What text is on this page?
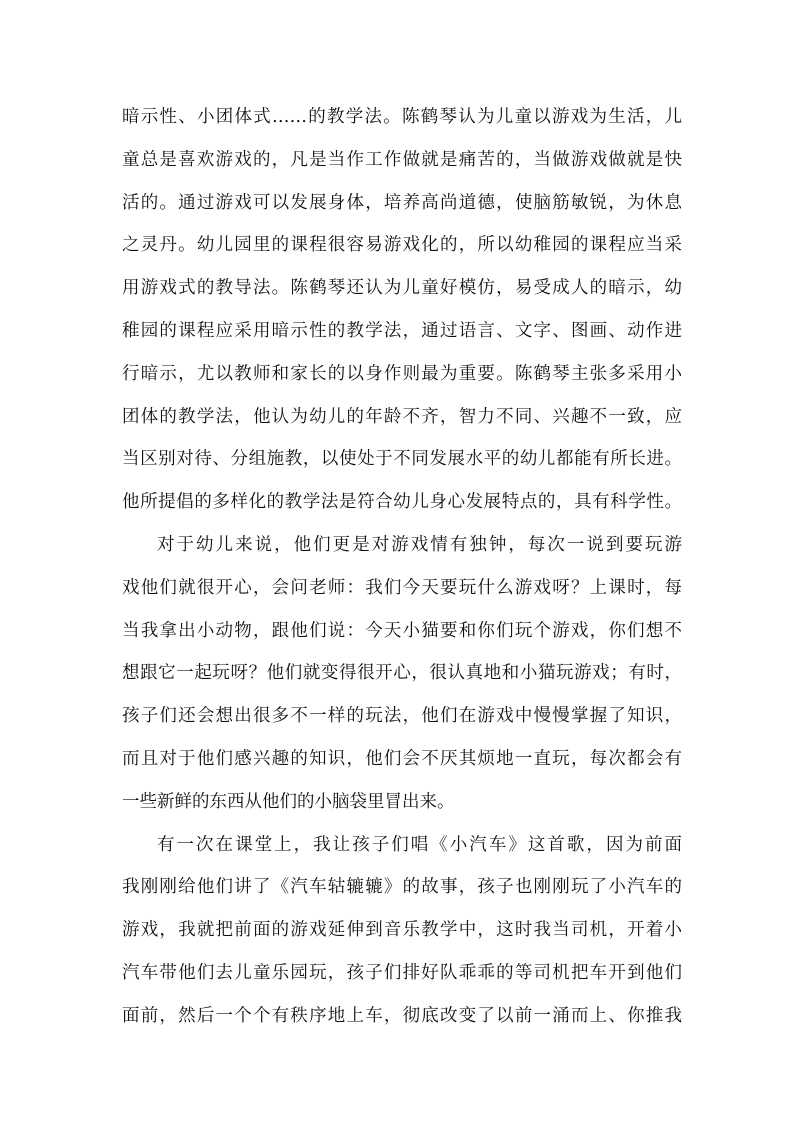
暗示性、小团体式……的教学法。陈鹤琴认为儿童以游戏为生活，儿
童总是喜欢游戏的，凡是当作工作做就是痛苦的，当做游戏做就是快
活的。通过游戏可以发展身体，培养高尚道德，使脑筋敏锐，为休息
之灵丹。幼儿园里的课程很容易游戏化的，所以幼稚园的课程应当采
用游戏式的教导法。陈鹤琴还认为儿童好模仿，易受成人的暗示，幼
稚园的课程应采用暗示性的教学法，通过语言、文字、图画、动作进
行暗示，尤以教师和家长的以身作则最为重要。陈鹤琴主张多采用小
团体的教学法，他认为幼儿的年龄不齐，智力不同、兴趣不一致，应
当区别对待、分组施教，以使处于不同发展水平的幼儿都能有所长进。
他所提倡的多样化的教学法是符合幼儿身心发展特点的，具有科学性。
对于幼儿来说，他们更是对游戏情有独钟，每次一说到要玩游
戏他们就很开心，会问老师：我们今天要玩什么游戏呀？上课时，每
当我拿出小动物，跟他们说：今天小猫要和你们玩个游戏，你们想不
想跟它一起玩呀？他们就变得很开心，很认真地和小猫玩游戏；有时，
孩子们还会想出很多不一样的玩法，他们在游戏中慢慢掌握了知识，
而且对于他们感兴趣的知识，他们会不厌其烦地一直玩，每次都会有
一些新鲜的东西从他们的小脑袋里冒出来。
有一次在课堂上，我让孩子们唱《小汽车》这首歌，因为前面
我刚刚给他们讲了《汽车轱辘辘》的故事，孩子也刚刚玩了小汽车的
游戏，我就把前面的游戏延伸到音乐教学中，这时我当司机，开着小
汽车带他们去儿童乐园玩，孩子们排好队乖乖的等司机把车开到他们
面前，然后一个个有秩序地上车，彻底改变了以前一涌而上、你推我
